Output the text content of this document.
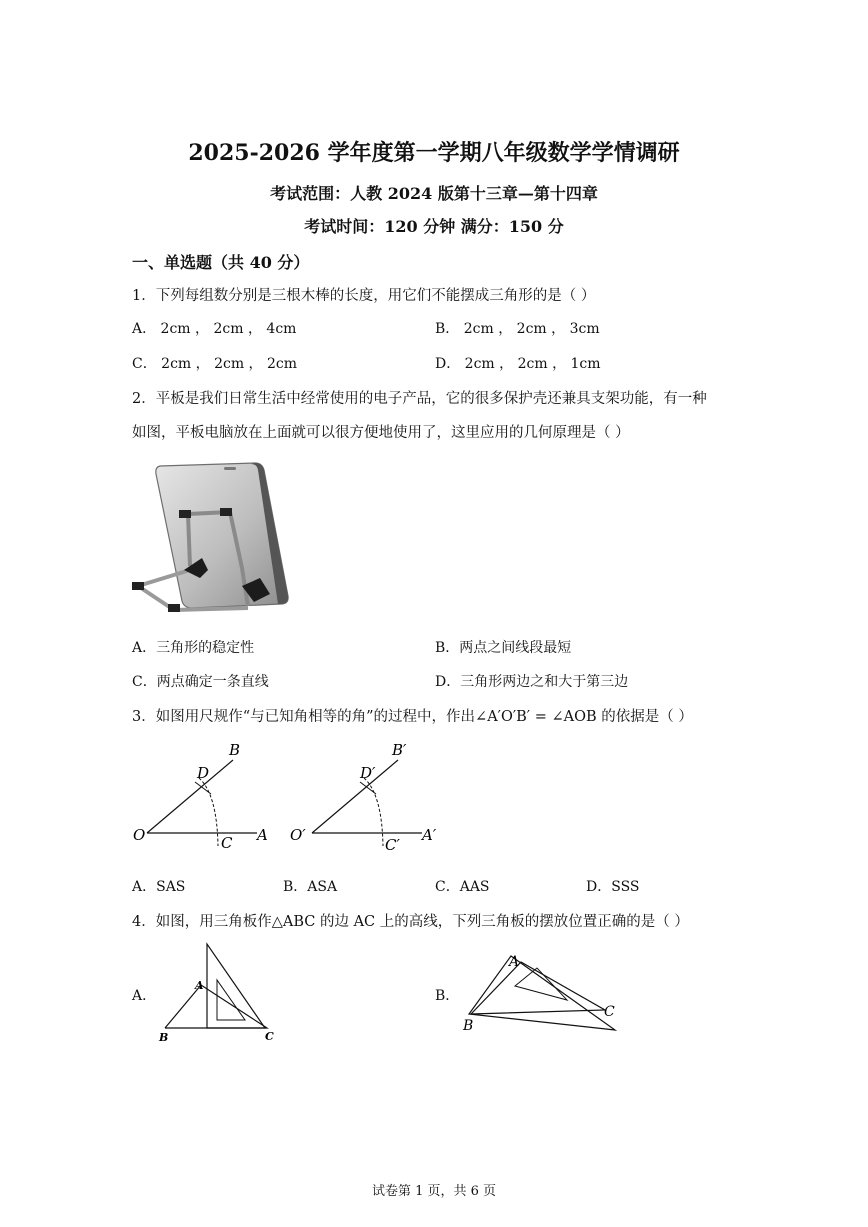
2025-2026 学年度第一学期八年级数学学情调研
考试范围：人教 2024 版第十三章—第十四章
考试时间：120 分钟 满分：150 分
一、单选题（共 40 分）
1．下列每组数分别是三根木棒的长度，用它们不能摆成三角形的是（ ）
A． 2cm ， 2cm ， 4cm	B． 2cm ， 2cm ， 3cm
C． 2cm ， 2cm ， 2cm	D． 2cm ， 2cm ， 1cm
2．平板是我们日常生活中经常使用的电子产品，它的很多保护壳还兼具支架功能，有一种
如图，平板电脑放在上面就可以很方便地使用了，这里应用的几何原理是（ ）
A．三角形的稳定性	B．两点之间线段最短
C．两点确定一条直线	D．三角形两边之和大于第三边
3．如图用尺规作“与已知角相等的角”的过程中，作出∠A′O′B′ = ∠AOB 的依据是（ ）
O	A
B
C
D
O′	A′
B′
C′
D′
A．SAS	B．ASA	C．AAS	D．SSS
4．如图，用三角板作△ABC 的边 AC 上的高线，下列三角板的摆放位置正确的是（ ）
A．
B
A
C
B．
B
A
C
试卷第 1 页，共 6 页
